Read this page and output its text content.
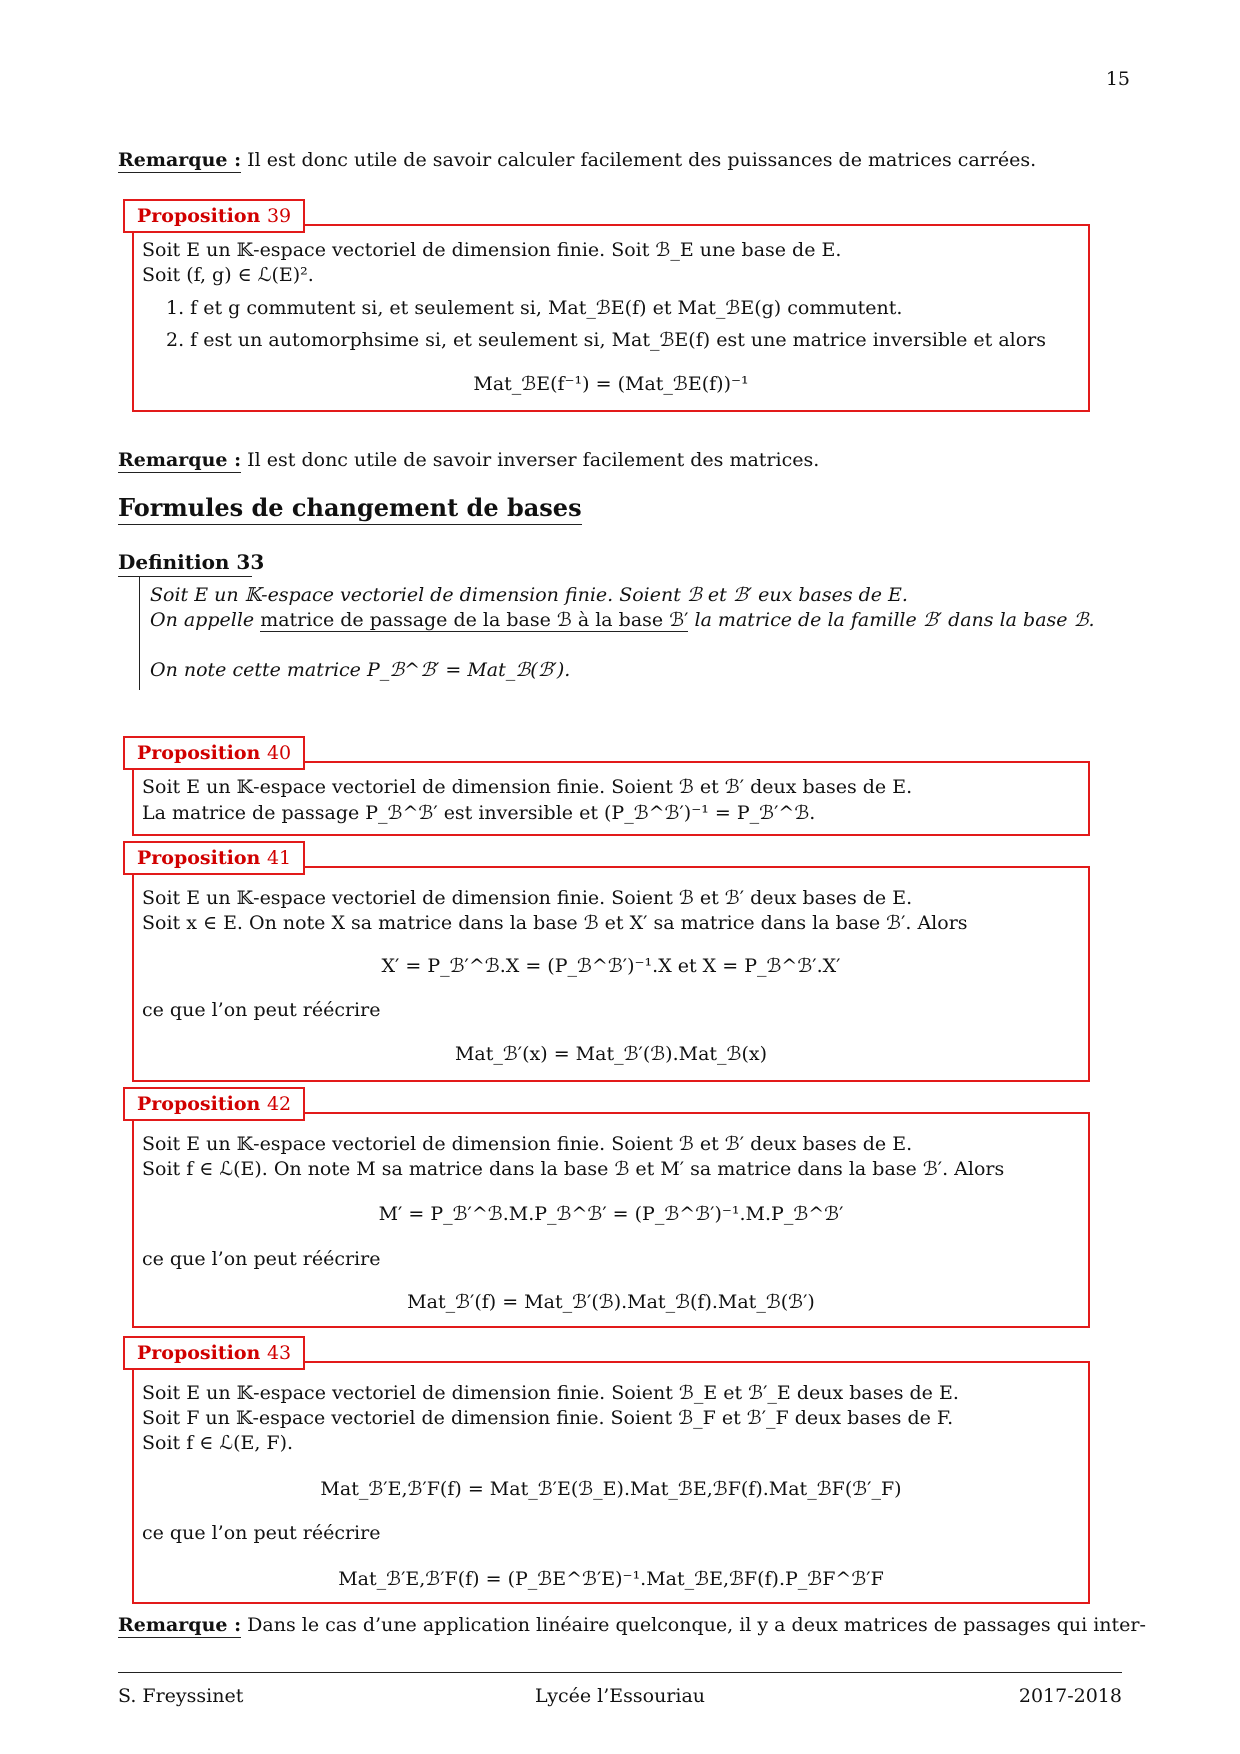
15
Remarque : Il est donc utile de savoir calculer facilement des puissances de matrices carrées.
Proposition 39
Soit E un 𝕂-espace vectoriel de dimension finie. Soit ℬ_E une base de E.
Soit (f, g) ∈ ℒ(E)².
1. f et g commutent si, et seulement si, Mat_ℬE(f) et Mat_ℬE(g) commutent.
2. f est un automorphsime si, et seulement si, Mat_ℬE(f) est une matrice inversible et alors
Mat_ℬE(f⁻¹) = (Mat_ℬE(f))⁻¹
Remarque : Il est donc utile de savoir inverser facilement des matrices.
Formules de changement de bases
Definition 33
Soit E un 𝕂-espace vectoriel de dimension finie. Soient ℬ et ℬ′ eux bases de E.
On appelle matrice de passage de la base ℬ à la base ℬ′ la matrice de la famille ℬ′ dans la base ℬ.
On note cette matrice P_ℬ^ℬ′ = Mat_ℬ(ℬ′).
Proposition 40
Soit E un 𝕂-espace vectoriel de dimension finie. Soient ℬ et ℬ′ deux bases de E.
La matrice de passage P_ℬ^ℬ′ est inversible et (P_ℬ^ℬ′)⁻¹ = P_ℬ′^ℬ.
Proposition 41
Soit E un 𝕂-espace vectoriel de dimension finie. Soient ℬ et ℬ′ deux bases de E.
Soit x ∈ E. On note X sa matrice dans la base ℬ et X′ sa matrice dans la base ℬ′. Alors
X′ = P_ℬ′^ℬ.X = (P_ℬ^ℬ′)⁻¹.X et X = P_ℬ^ℬ′.X′
ce que l’on peut réécrire
Mat_ℬ′(x) = Mat_ℬ′(ℬ).Mat_ℬ(x)
Proposition 42
Soit E un 𝕂-espace vectoriel de dimension finie. Soient ℬ et ℬ′ deux bases de E.
Soit f ∈ ℒ(E). On note M sa matrice dans la base ℬ et M′ sa matrice dans la base ℬ′. Alors
M′ = P_ℬ′^ℬ.M.P_ℬ^ℬ′ = (P_ℬ^ℬ′)⁻¹.M.P_ℬ^ℬ′
ce que l’on peut réécrire
Mat_ℬ′(f) = Mat_ℬ′(ℬ).Mat_ℬ(f).Mat_ℬ(ℬ′)
Proposition 43
Soit E un 𝕂-espace vectoriel de dimension finie. Soient ℬ_E et ℬ′_E deux bases de E.
Soit F un 𝕂-espace vectoriel de dimension finie. Soient ℬ_F et ℬ′_F deux bases de F.
Soit f ∈ ℒ(E, F).
Mat_ℬ′E,ℬ′F(f) = Mat_ℬ′E(ℬ_E).Mat_ℬE,ℬF(f).Mat_ℬF(ℬ′_F)
ce que l’on peut réécrire
Mat_ℬ′E,ℬ′F(f) = (P_ℬE^ℬ′E)⁻¹.Mat_ℬE,ℬF(f).P_ℬF^ℬ′F
Remarque : Dans le cas d’une application linéaire quelconque, il y a deux matrices de passages qui inter-
S. Freyssinet	Lycée l’Essouriau	2017-2018
